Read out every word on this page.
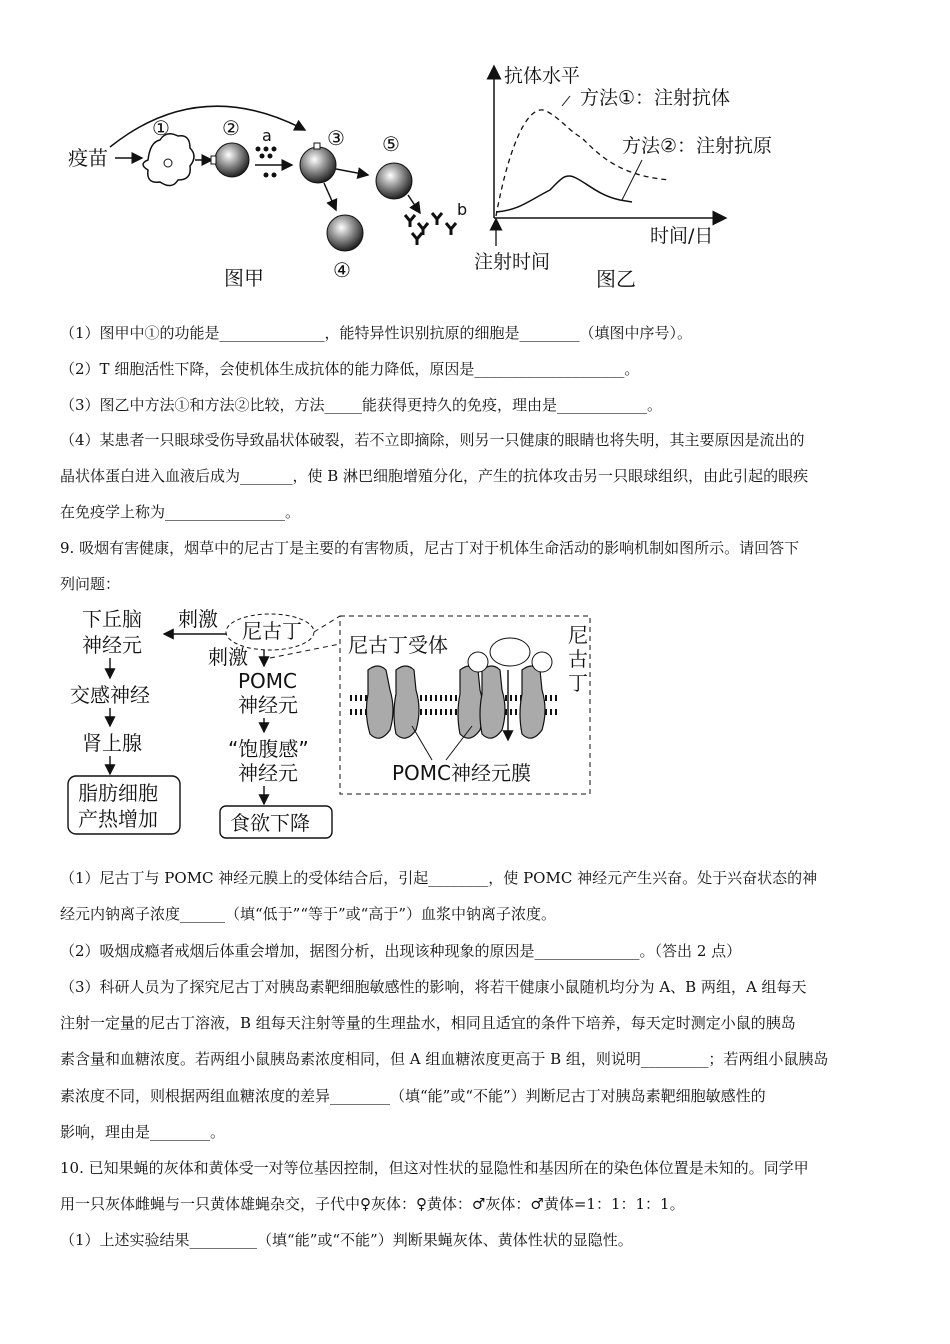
疫苗
①	② a	③ ⑤
④
b
图甲
抗体水平
时间/日
方法①：注射抗体
方法②：注射抗原
注射时间
图乙

（1）图甲中①的功能是______________，能特异性识别抗原的细胞是________（填图中序号）。

（2）T 细胞活性下降，会使机体生成抗体的能力降低，原因是____________________。

（3）图乙中方法①和方法②比较，方法_____能获得更持久的免疫，理由是____________。

（4）某患者一只眼球受伤导致晶状体破裂，若不立即摘除，则另一只健康的眼睛也将失明，其主要原因是流出的

晶状体蛋白进入血液后成为_______，使 B 淋巴细胞增殖分化，产生的抗体攻击另一只眼球组织，由此引起的眼疾

在免疫学上称为________________。

9. 吸烟有害健康，烟草中的尼古丁是主要的有害物质，尼古丁对于机体生命活动的影响机制如图所示。请回答下

列问题：

下丘脑
神经元
交感神经
肾上腺
脂肪细胞
产热增加
刺激
刺激
尼古丁
POMC
神经元
“饱腹感”
神经元
食欲下降
尼古丁受体	尼
古
丁
POMC神经元膜

（1）尼古丁与 POMC 神经元膜上的受体结合后，引起________，使 POMC 神经元产生兴奋。处于兴奋状态的神

经元内钠离子浓度______（填“低于”“等于”或“高于”）血浆中钠离子浓度。

（2）吸烟成瘾者戒烟后体重会增加，据图分析，出现该种现象的原因是______________。（答出 2 点）

（3）科研人员为了探究尼古丁对胰岛素靶细胞敏感性的影响，将若干健康小鼠随机均分为 A、B 两组，A 组每天

注射一定量的尼古丁溶液，B 组每天注射等量的生理盐水，相同且适宜的条件下培养，每天定时测定小鼠的胰岛

素含量和血糖浓度。若两组小鼠胰岛素浓度相同，但 A 组血糖浓度更高于 B 组，则说明_________；若两组小鼠胰岛

素浓度不同，则根据两组血糖浓度的差异________（填“能”或“不能”）判断尼古丁对胰岛素靶细胞敏感性的

影响，理由是________。

10. 已知果蝇的灰体和黄体受一对等位基因控制，但这对性状的显隐性和基因所在的染色体位置是未知的。同学甲

用一只灰体雌蝇与一只黄体雄蝇杂交，子代中♀灰体：♀黄体：♂灰体：♂黄体=1：1：1：1。

（1）上述实验结果_________（填“能”或“不能”）判断果蝇灰体、黄体性状的显隐性。
